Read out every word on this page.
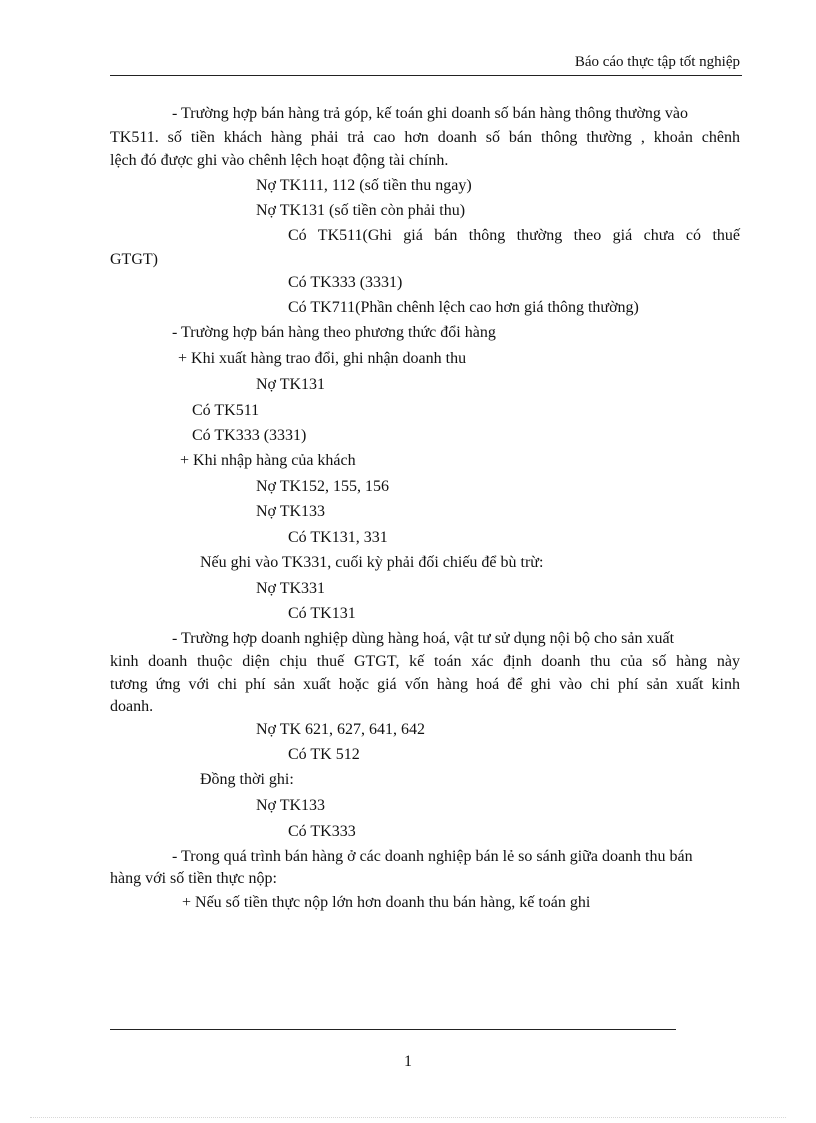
Báo cáo thực tập tốt nghiệp
- Trường hợp bán hàng trả góp, kế toán ghi doanh số bán hàng thông thường vào
TK511. số tiền khách hàng phải trả cao hơn doanh số bán thông thường , khoản chênh
lệch đó được ghi vào chênh lệch hoạt động tài chính.
Nợ TK111, 112 (số tiền thu ngay)
Nợ TK131 (số tiền còn phải thu)
Có TK511(Ghi giá bán thông thường theo giá chưa có thuế
GTGT)
Có TK333 (3331)
Có TK711(Phần chênh lệch cao hơn giá thông thường)
- Trường hợp bán hàng theo phương thức đổi hàng
+ Khi xuất hàng trao đổi, ghi nhận doanh thu
Nợ TK131
Có TK511
Có TK333 (3331)
+ Khi nhập hàng của khách
Nợ TK152, 155, 156
Nợ TK133
Có TK131, 331
Nếu ghi vào TK331, cuối kỳ phải đối chiếu để bù trừ:
Nợ TK331
Có TK131
- Trường hợp doanh nghiệp dùng hàng hoá, vật tư sử dụng nội bộ cho sản xuất
kinh doanh thuộc diện chịu thuế GTGT, kế toán xác định doanh thu của số hàng này
tương ứng với chi phí sản xuất hoặc giá vốn hàng hoá để ghi vào chi phí sản xuất kinh
doanh.
Nợ TK 621, 627, 641, 642
Có TK 512
Đồng thời ghi:
Nợ TK133
Có TK333
- Trong quá trình bán hàng ở các doanh nghiệp bán lẻ so sánh giữa doanh thu bán
hàng với số tiền thực nộp:
+ Nếu số tiền thực nộp lớn hơn doanh thu bán hàng, kế toán ghi
1
